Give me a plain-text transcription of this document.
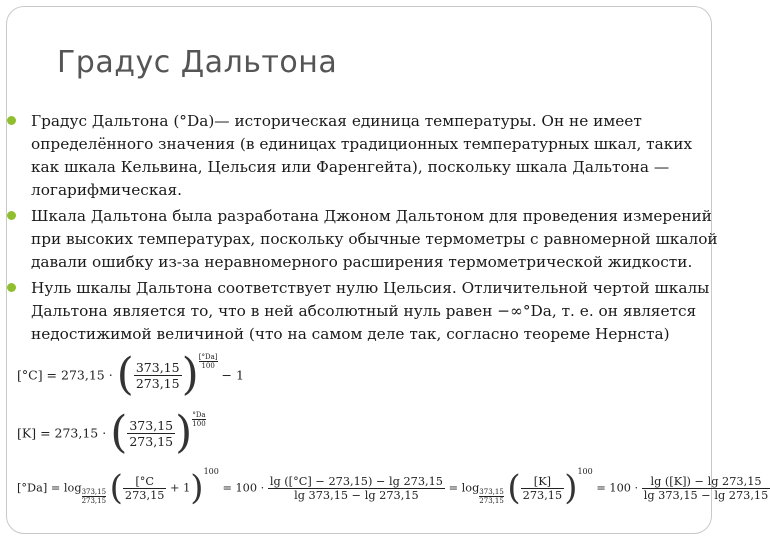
Градус Дальтона
Градус Дальтона (°Da)— историческая единица температуры. Он не имеет
определённого значения (в единицах традиционных температурных шкал, таких
как шкала Кельвина, Цельсия или Фаренгейта), поскольку шкала Дальтона —
логарифмическая.
Шкала Дальтона была разработана Джоном Дальтоном для проведения измерений
при высоких температурах, поскольку обычные термометры с равномерной шкалой
давали ошибку из-за неравномерного расширения термометрической жидкости.
Нуль шкалы Дальтона соответствует нулю Цельсия. Отличительной чертой шкалы
Дальтона является то, что в ней абсолютный нуль равен −∞°Da, т. е. он является
недостижимой величиной (что на самом деле так, согласно теореме Нернста)
[°C] = 273,15 · ( $\frac{373,15}{273,15}$ ) $\frac{[^\circ Da]}{100}$
− 1
[K] = 273,15 · ( $\frac{373,15}{273,15}$ ) $\frac{^\circ Da}{100}$
$[^\circ Da] = \log \frac{373,15}{273,15}$ ( $\frac{[^\circ C}{273,15} + 1)^{100} = 100 \cdot \frac{\lg ([^\circ C] - 273,15) - \lg 273,15}{\lg 373,15 - \lg 273,15} = \log \frac{373,15}{273,15}$ ( $\frac{[K]}{273,15} )^{100} = 100 \cdot \frac{\lg ([K]) - \lg 273,15}{\lg 373,15 - \lg 273,15}$
